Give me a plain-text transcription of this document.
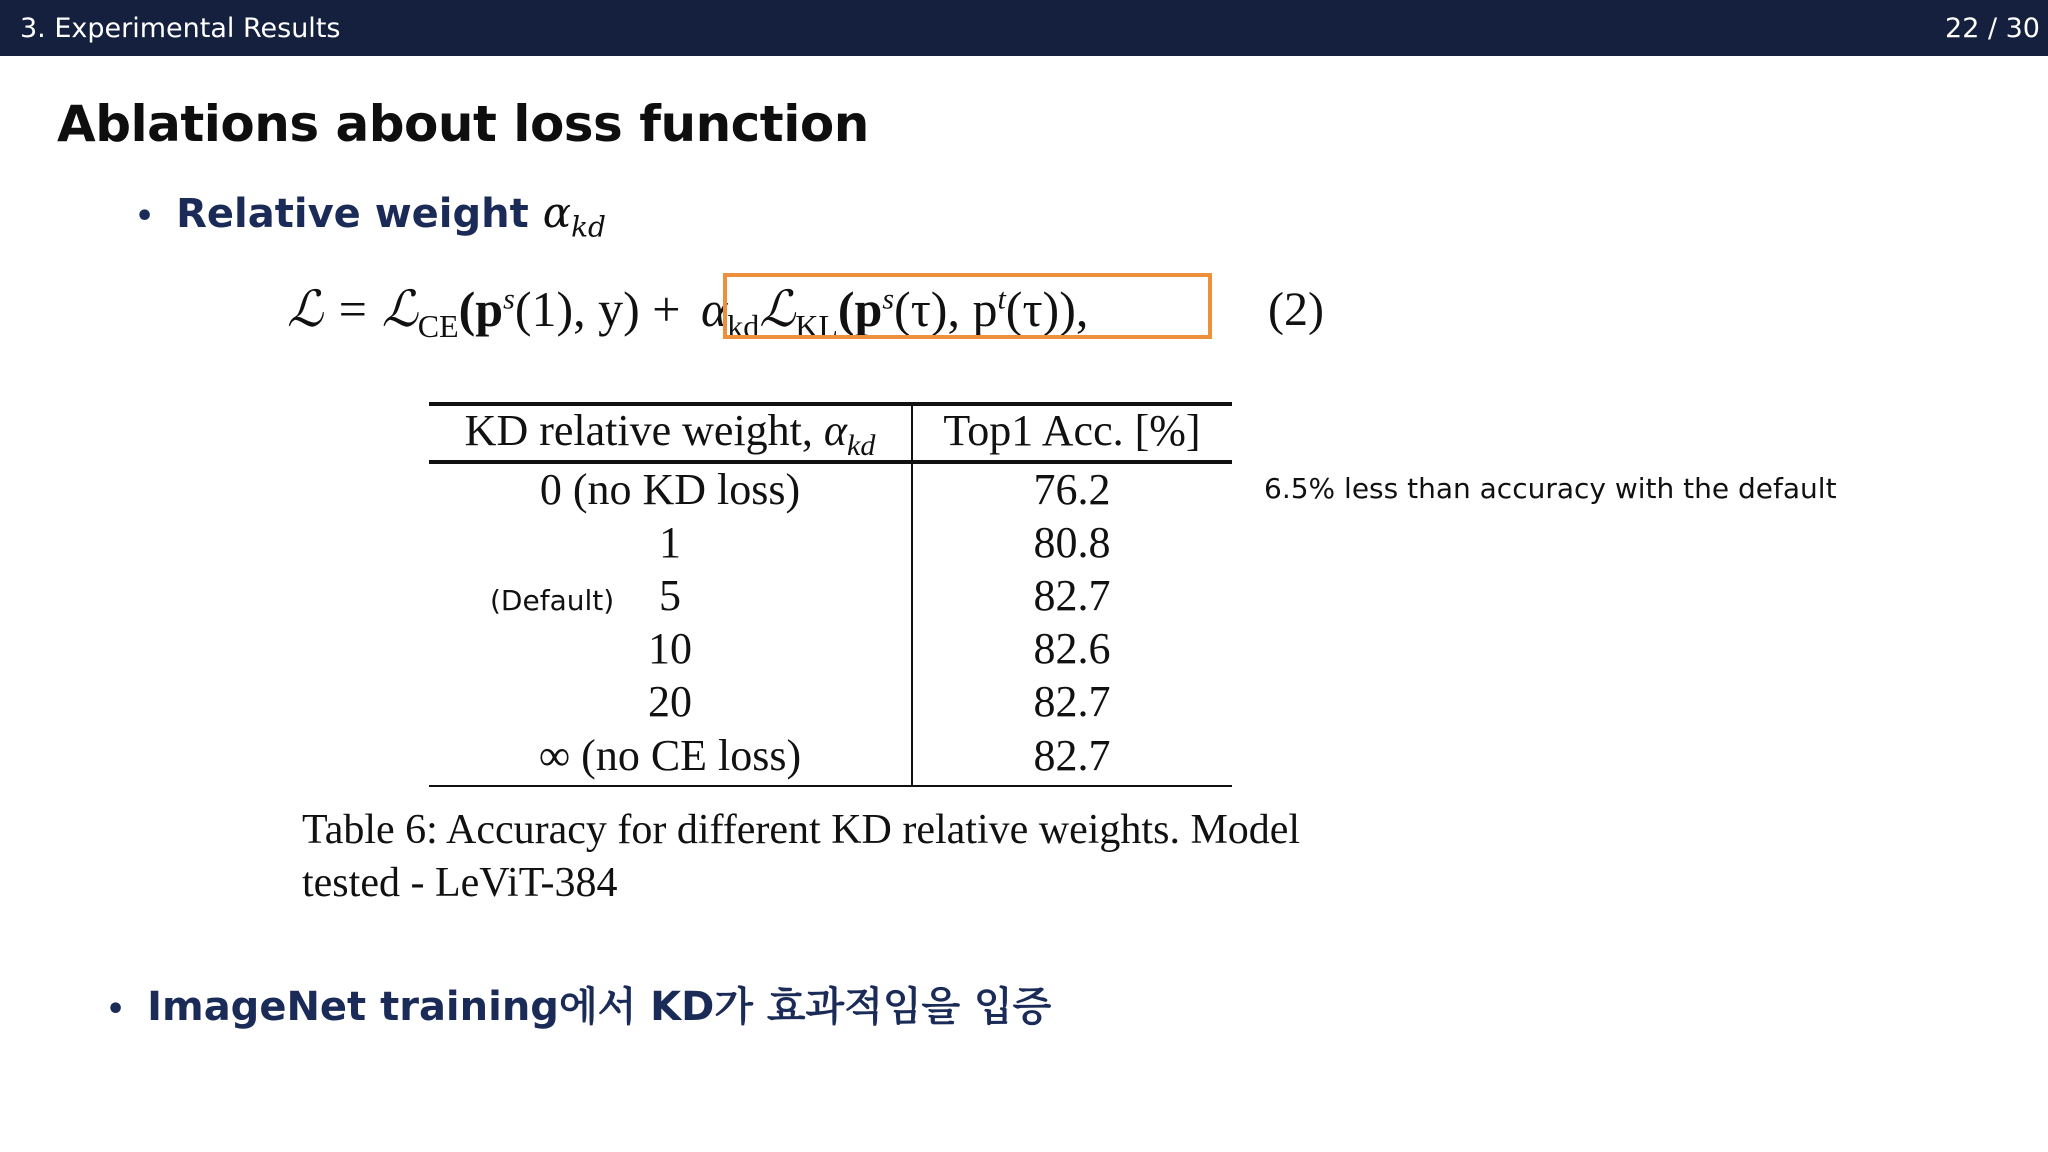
3. Experimental Results	22 / 30
Ablations about loss function
• Relative weight $\alpha_{kd}$
ℒ = $ℒ_{CE}(p^s(1)$, $y) + \alpha_{kd}ℒ_{KL}(p^s(\tau)$, $p^t(\tau)$),	(2)
KD relative weight, $\alpha_{kd}$	Top1 Acc. [%]
0 (no KD loss)	76.2
1	80.8
5	82.7
10	82.6
20	82.7
∞ (no CE loss)	82.7
(Default)
6.5% less than accuracy with the default
Table 6: Accuracy for different KD relative weights. Model
tested - LeViT-384
• ImageNet training에서 KD가 효과적임을 입증
